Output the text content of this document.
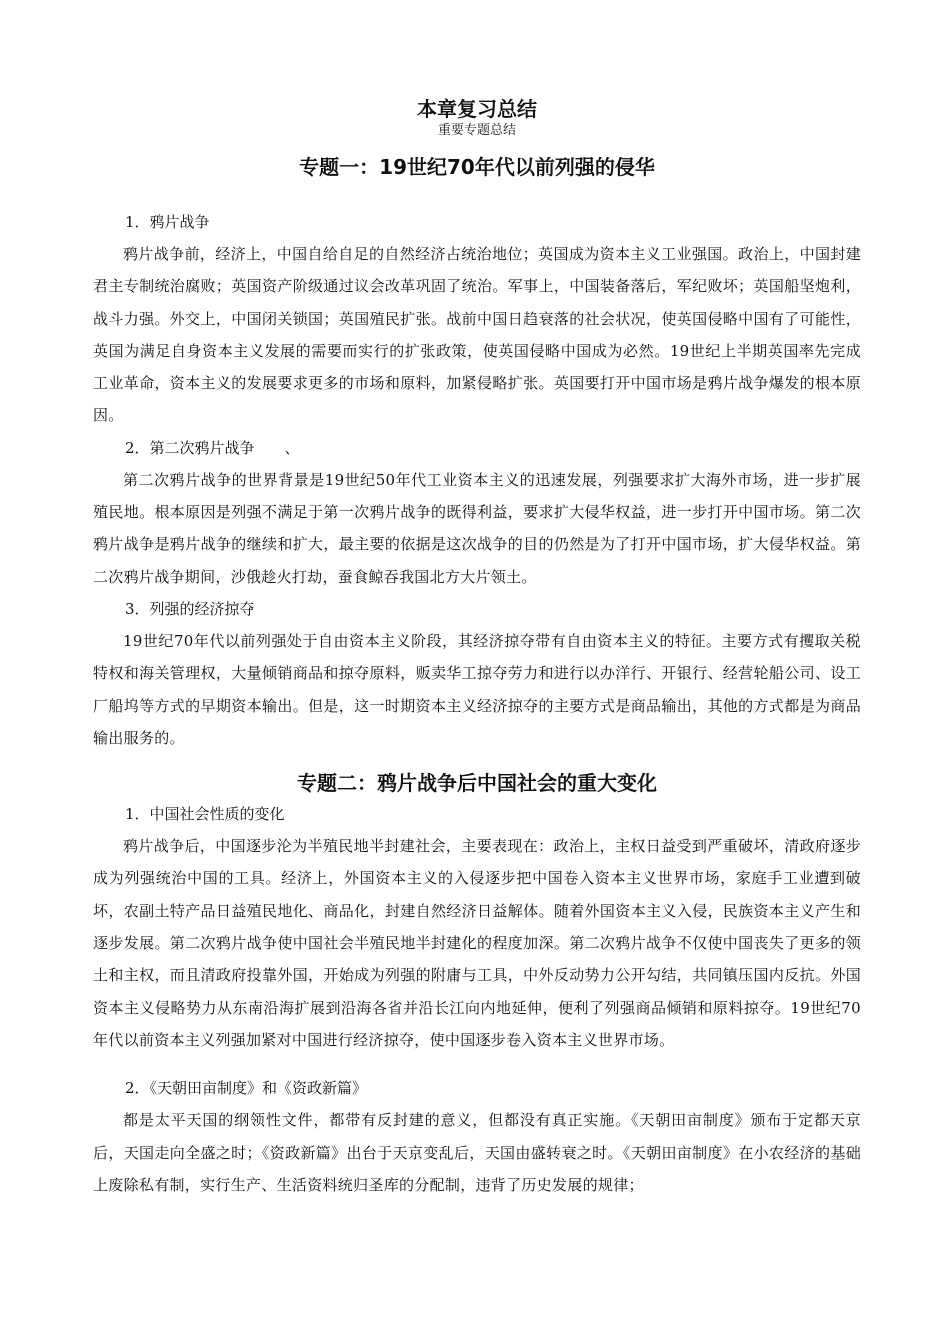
本章复习总结

重要专题总结

专题一：19世纪70年代以前列强的侵华

1．鸦片战争

鸦片战争前，经济上，中国自给自足的自然经济占统治地位；英国成为资本主义工业强国。政治上，中国封建君主专制统治腐败；英国资产阶级通过议会改革巩固了统治。军事上，中国装备落后，军纪败坏；英国船坚炮利，战斗力强。外交上，中国闭关锁国；英国殖民扩张。战前中国日趋衰落的社会状况，使英国侵略中国有了可能性，英国为满足自身资本主义发展的需要而实行的扩张政策，使英国侵略中国成为必然。19世纪上半期英国率先完成工业革命，资本主义的发展要求更多的市场和原料，加紧侵略扩张。英国要打开中国市场是鸦片战争爆发的根本原因。

2．第二次鸦片战争　　、

第二次鸦片战争的世界背景是19世纪50年代工业资本主义的迅速发展，列强要求扩大海外市场，进一步扩展殖民地。根本原因是列强不满足于第一次鸦片战争的既得利益，要求扩大侵华权益，进一步打开中国市场。第二次鸦片战争是鸦片战争的继续和扩大，最主要的依据是这次战争的目的仍然是为了打开中国市场，扩大侵华权益。第二次鸦片战争期间，沙俄趁火打劫，蚕食鲸吞我国北方大片领土。

3．列强的经济掠夺

19世纪70年代以前列强处于自由资本主义阶段，其经济掠夺带有自由资本主义的特征。主要方式有攫取关税特权和海关管理权，大量倾销商品和掠夺原料，贩卖华工掠夺劳力和进行以办洋行、开银行、经营轮船公司、设工厂船坞等方式的早期资本输出。但是，这一时期资本主义经济掠夺的主要方式是商品输出，其他的方式都是为商品输出服务的。

专题二：鸦片战争后中国社会的重大变化

1．中国社会性质的变化

鸦片战争后，中国逐步沦为半殖民地半封建社会，主要表现在：政治上，主权日益受到严重破坏，清政府逐步成为列强统治中国的工具。经济上，外国资本主义的入侵逐步把中国卷入资本主义世界市场，家庭手工业遭到破坏，农副土特产品日益殖民地化、商品化，封建自然经济日益解体。随着外国资本主义入侵，民族资本主义产生和逐步发展。第二次鸦片战争使中国社会半殖民地半封建化的程度加深。第二次鸦片战争不仅使中国丧失了更多的领土和主权，而且清政府投靠外国，开始成为列强的附庸与工具，中外反动势力公开勾结，共同镇压国内反抗。外国资本主义侵略势力从东南沿海扩展到沿海各省并沿长江向内地延伸，便利了列强商品倾销和原料掠夺。19世纪70年代以前资本主义列强加紧对中国进行经济掠夺，使中国逐步卷入资本主义世界市场。

2．《天朝田亩制度》和《资政新篇》

都是太平天国的纲领性文件，都带有反封建的意义，但都没有真正实施。《天朝田亩制度》颁布于定都天京后，天国走向全盛之时；《资政新篇》出台于天京变乱后，天国由盛转衰之时。《天朝田亩制度》在小农经济的基础上废除私有制，实行生产、生活资料统归圣库的分配制，违背了历史发展的规律；
